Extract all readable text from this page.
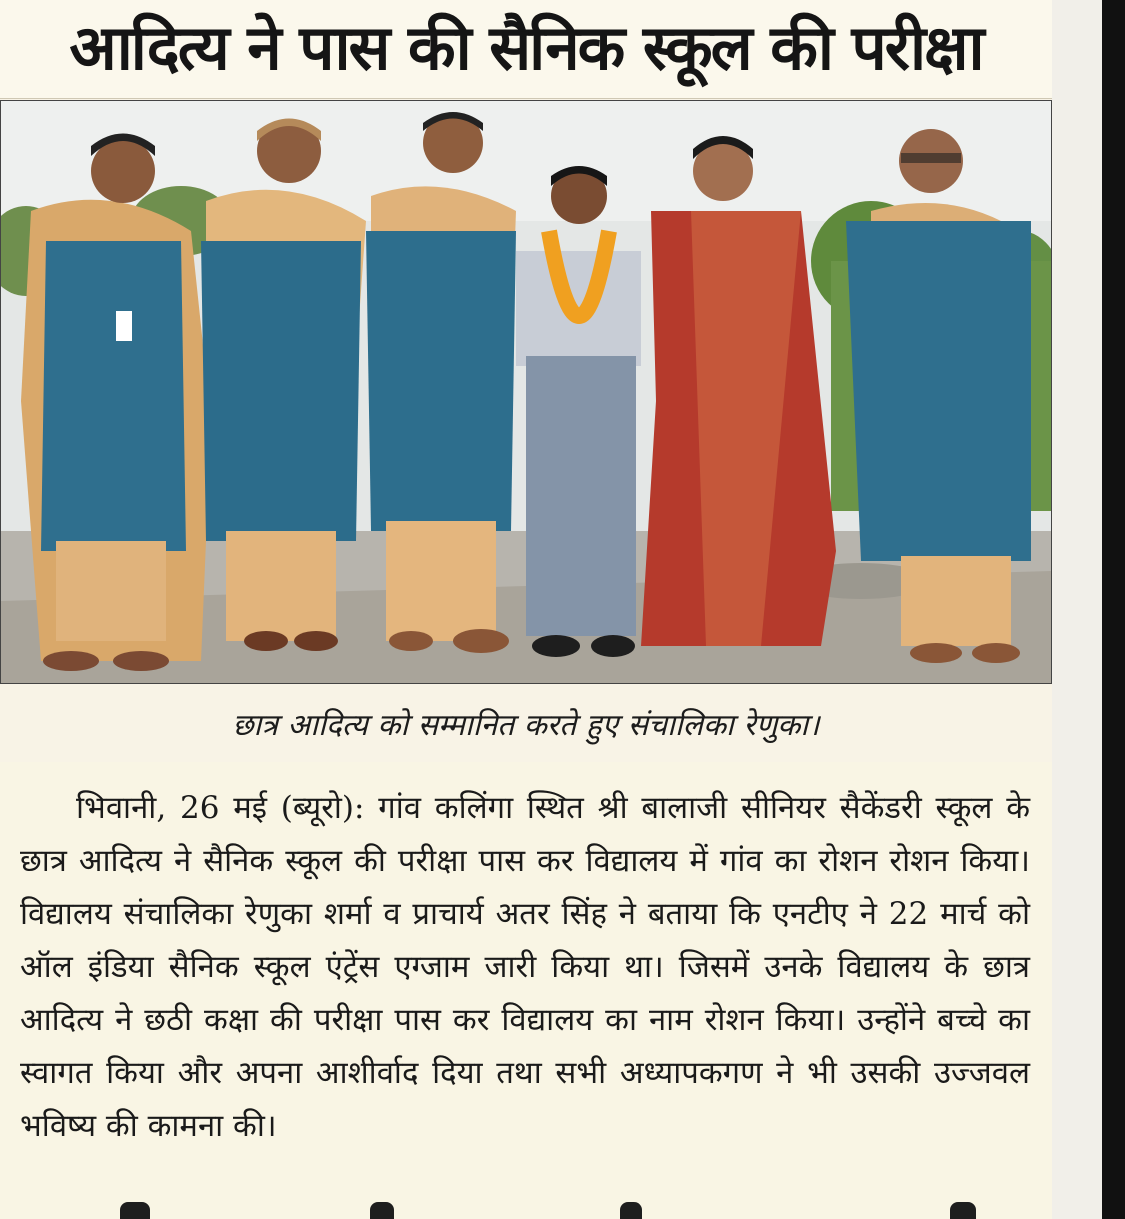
आदित्य ने पास की सैनिक स्कूल की परीक्षा

छात्र आदित्य को सम्मानित करते हुए संचालिका रेणुका।

भिवानी, 26 मई (ब्यूरो): गांव कलिंगा स्थित श्री बालाजी सीनियर सैकेंडरी स्कूल के छात्र आदित्य ने सैनिक स्कूल की परीक्षा पास कर विद्यालय में गांव का रोशन रोशन किया। विद्यालय संचालिका रेणुका शर्मा व प्राचार्य अतर सिंह ने बताया कि एनटीए ने 22 मार्च को ऑल इंडिया सैनिक स्कूल एंट्रेंस एग्जाम जारी किया था। जिसमें उनके विद्यालय के छात्र आदित्य ने छठी कक्षा की परीक्षा पास कर विद्यालय का नाम रोशन किया। उन्होंने बच्चे का स्वागत किया और अपना आशीर्वाद दिया तथा सभी अध्यापकगण ने भी उसकी उज्जवल भविष्य की कामना की।
